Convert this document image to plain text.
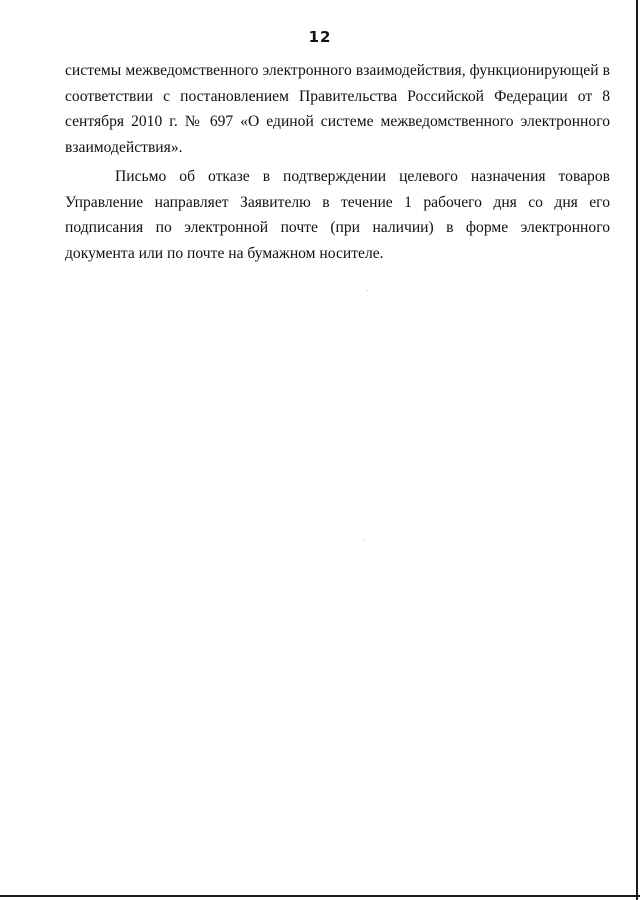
12

системы межведомственного электронного взаимодействия, функционирующей в соответствии с постановлением Правительства Российской Федерации от 8 сентября 2010 г. № 697 «О единой системе межведомственного электронного взаимодействия».

Письмо об отказе в подтверждении целевого назначения товаров Управление направляет Заявителю в течение 1 рабочего дня со дня его подписания по электронной почте (при наличии) в форме электронного документа или по почте на бумажном носителе.
